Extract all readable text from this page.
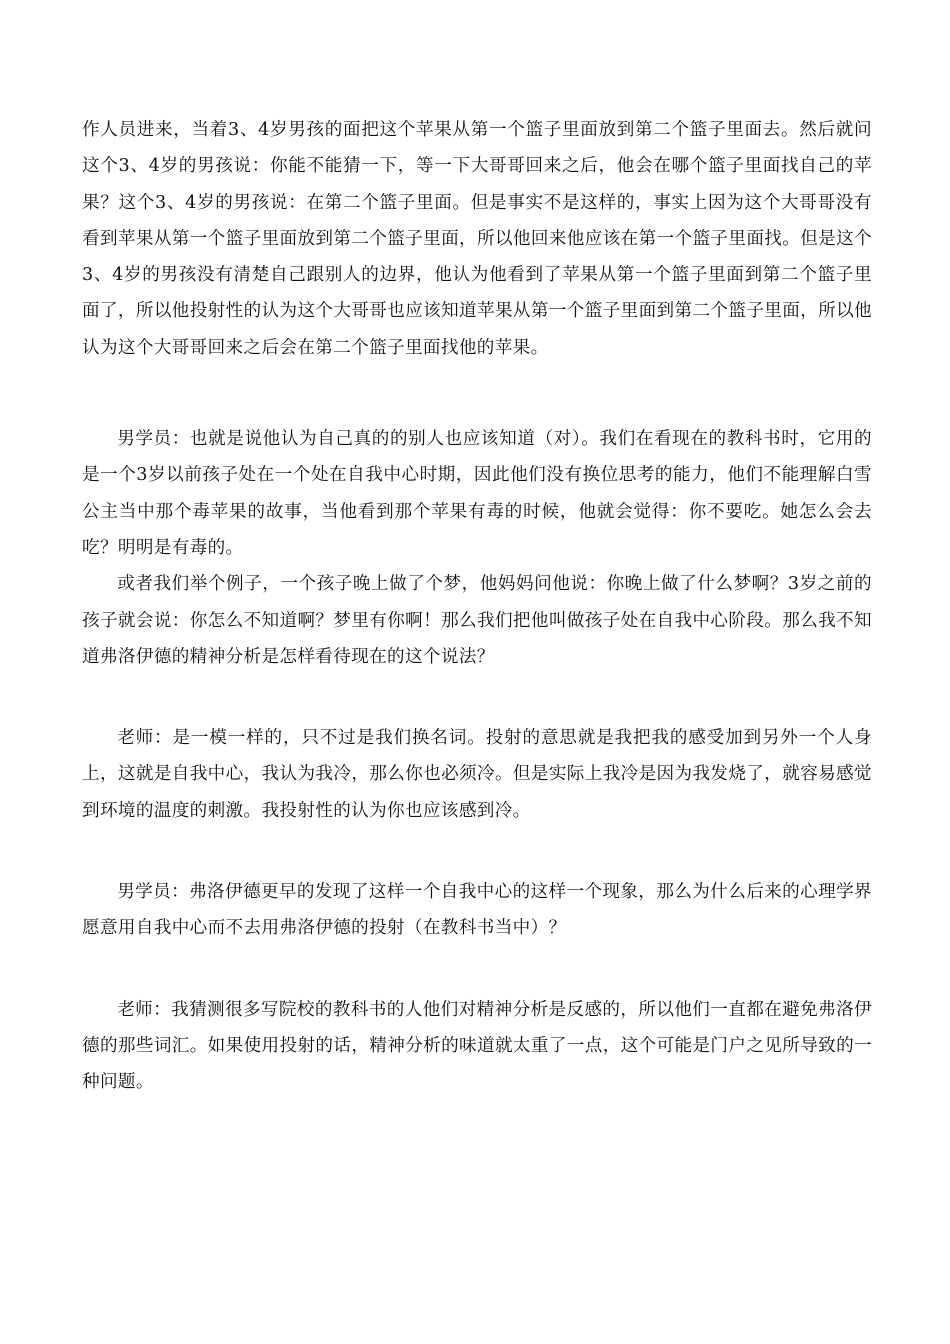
作人员进来，当着3、4岁男孩的面把这个苹果从第一个篮子里面放到第二个篮子里面去。然后就问这个3、4岁的男孩说：你能不能猜一下，等一下大哥哥回来之后，他会在哪个篮子里面找自己的苹果？这个3、4岁的男孩说：在第二个篮子里面。但是事实不是这样的，事实上因为这个大哥哥没有看到苹果从第一个篮子里面放到第二个篮子里面，所以他回来他应该在第一个篮子里面找。但是这个3、4岁的男孩没有清楚自己跟别人的边界，他认为他看到了苹果从第一个篮子里面到第二个篮子里面了，所以他投射性的认为这个大哥哥也应该知道苹果从第一个篮子里面到第二个篮子里面，所以他认为这个大哥哥回来之后会在第二个篮子里面找他的苹果。

男学员：也就是说他认为自己真的的别人也应该知道（对）。我们在看现在的教科书时，它用的是一个3岁以前孩子处在一个处在自我中心时期，因此他们没有换位思考的能力，他们不能理解白雪公主当中那个毒苹果的故事，当他看到那个苹果有毒的时候，他就会觉得：你不要吃。她怎么会去吃？明明是有毒的。

或者我们举个例子，一个孩子晚上做了个梦，他妈妈问他说：你晚上做了什么梦啊？3岁之前的孩子就会说：你怎么不知道啊？梦里有你啊！那么我们把他叫做孩子处在自我中心阶段。那么我不知道弗洛伊德的精神分析是怎样看待现在的这个说法？

老师：是一模一样的，只不过是我们换名词。投射的意思就是我把我的感受加到另外一个人身上，这就是自我中心，我认为我冷，那么你也必须冷。但是实际上我冷是因为我发烧了，就容易感觉到环境的温度的刺激。我投射性的认为你也应该感到冷。

男学员：弗洛伊德更早的发现了这样一个自我中心的这样一个现象，那么为什么后来的心理学界愿意用自我中心而不去用弗洛伊德的投射（在教科书当中）？

老师：我猜测很多写院校的教科书的人他们对精神分析是反感的，所以他们一直都在避免弗洛伊德的那些词汇。如果使用投射的话，精神分析的味道就太重了一点，这个可能是门户之见所导致的一种问题。
